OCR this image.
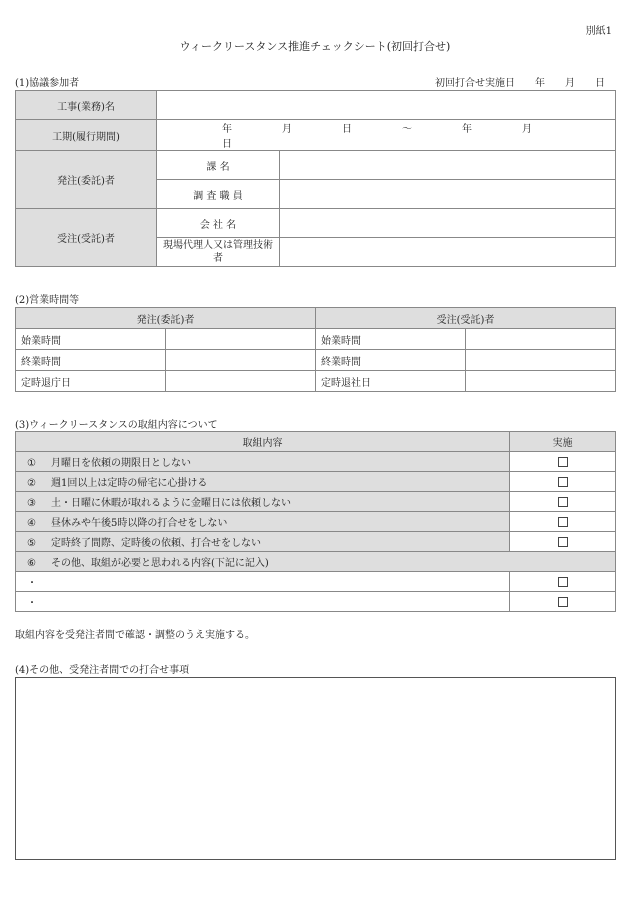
別紙1
ウィークリースタンス推進チェックシート(初回打合せ)
(1)協議参加者	初回打合せ実施日 年 月 日
工事(業務)名		
工期(履行期間)	年 月 日 ～ 年 月日	
発注(委託)者	課 名	
	調 査 職 員	
受注(受託)者	会 社 名	
	現場代理人又は管理技術者	
(2)営業時間等
発注(委託)者		受注(受託)者	
始業時間		始業時間	
終業時間		終業時間	
定時退庁日		定時退社日	
(3)ウィークリースタンスの取組内容について
取組内容	実施
① 月曜日を依頼の期限日としない	
② 週1回以上は定時の帰宅に心掛ける	
③ 土・日曜に休暇が取れるように金曜日には依頼しない	
④ 昼休みや午後5時以降の打合せをしない	
⑤ 定時終了間際、定時後の依頼、打合せをしない	
⑥ その他、取組が必要と思われる内容(下記に記入)	
・	
・	
取組内容を受発注者間で確認・調整のうえ実施する。
(4)その他、受発注者間での打合せ事項
